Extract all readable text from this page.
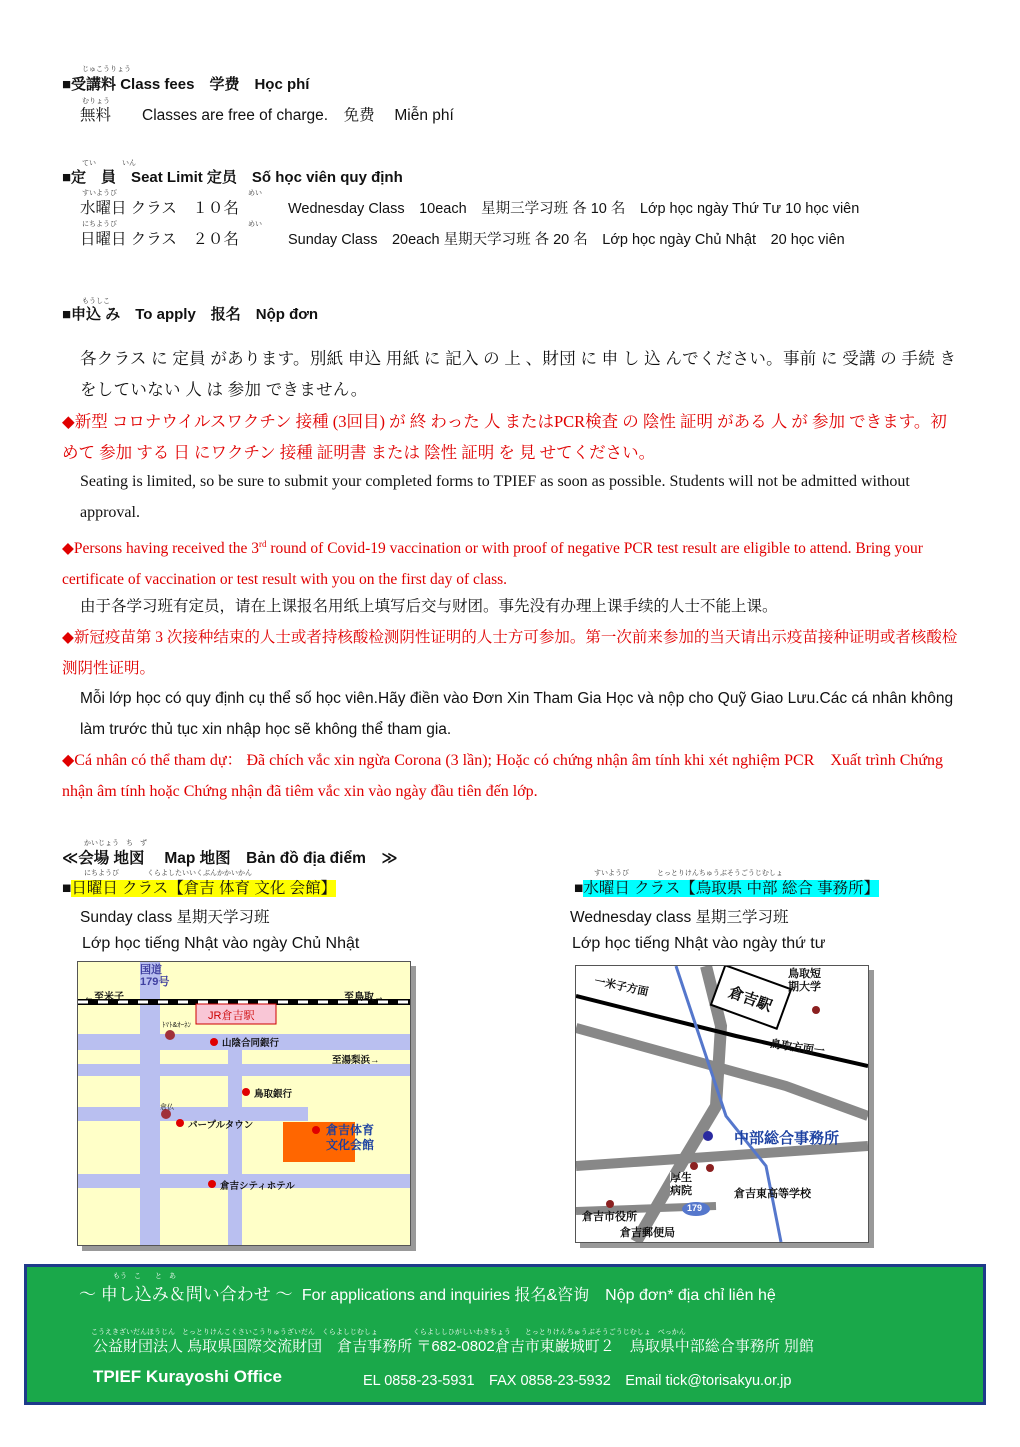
じゅこうりょう
■受講料 Class fees　学费　Học phí
むりょう
無料　　Classes are free of charge.　免费　 Miễn phí
てい	いん
■定　員　Seat Limit 定员　Số học viên quy định
すいようび	めい
水曜日 クラス　１０名	Wednesday Class　10each　星期三学习班 各 10 名　Lớp học ngày Thứ Tư 10 học viên
にちようび	めい
日曜日 クラス　２０名	Sunday Class　20each 星期天学习班 各 20 名　Lớp học ngày Chủ Nhật　20 học viên
もうしこ
■申込 み　To apply　报名　Nộp đơn
各クラス に 定員 があります。別紙 申込 用紙 に 記入 の 上 、財団 に 申 し 込 んでください。事前 に 受講 の 手続 きをしていない 人 は 参加 できません。
◆新型 コロナウイルスワクチン 接種 (3回目) が 終 わった 人 またはPCR検査 の 陰性 証明 がある 人 が 参加 できます。初 めて 参加 する 日 にワクチン 接種 証明書 または 陰性 証明 を 見 せてください。
Seating is limited, so be sure to submit your completed forms to TPIEF as soon as possible. Students will not be admitted without approval.
◆Persons having received the 3rd round of Covid-19 vaccination or with proof of negative PCR test result are eligible to attend. Bring your certificate of vaccination or test result with you on the first day of class.
由于各学习班有定员，请在上课报名用纸上填写后交与财团。事先没有办理上课手续的人士不能上课。
◆新冠疫苗第 3 次接种结束的人士或者持核酸检测阴性证明的人士方可参加。第一次前来参加的当天请出示疫苗接种证明或者核酸检测阴性证明。
Mỗi lớp học có quy định cụ thể số học viên.Hãy điền vào Đơn Xin Tham Gia Học và nộp cho Quỹ Giao Lưu.Các cá nhân không làm trước thủ tục xin nhập học sẽ không thể tham gia.
◆Cá nhân có thể tham dự： Đã chích vắc xin ngừa Corona (3 lần); Hoặc có chứng nhận âm tính khi xét nghiệm PCR　Xuất trình Chứng nhận âm tính hoặc Chứng nhận đã tiêm vắc xin vào ngày đầu tiên đến lớp.
かいじょう　ち　ず
≪会場 地図　 Map 地图　Bản đồ địa điểm　≫
にちようび　　　　くらよしたいいくぶんかかいかん
■日曜日 クラス【倉吉 体育 文化 会館】
Sunday class 星期天学习班
Lớp học tiếng Nhật vào ngày Chủ Nhật
すいようび　　　　とっとりけんちゅうぶそうごうじむしょ
■水曜日 クラス【鳥取県 中部 総合 事務所】
Wednesday class 星期三学习班
Lớp học tiếng Nhật vào ngày thứ tư
国道
179号
←至米子	至鳥取→
JR倉吉駅
ﾄﾏﾄ&ｵｰﾈﾝ
山陰合同銀行
至湯梨浜→
鳥取銀行
倉仏
パープルタウン	倉吉体育
文化会館
倉吉シティホテル
一米子方面	倉吉駅
鳥取短
期大学
鳥取方面一
中部総合事務所
厚生
病院	倉吉東高等学校
179
倉吉市役所
倉吉郵便局
もう　こ　　と　あ
～ 申し込み＆問い合わせ ～ For applications and inquiries 报名&咨询　Nộp đơn* địa chỉ liên hệ
こうえきざいだんほうじん　とっとりけんこくさいこうりゅうざいだん　くらよしじむしょ　　　　　くらよししひがしいわきちょう　　とっとりけんちゅうぶそうごうじむしょ　べっかん
公益財団法人 鳥取県国際交流財団　倉吉事務所 〒682-0802倉吉市東巌城町２　鳥取県中部総合事務所 別館
TPIEF Kurayoshi Office	EL 0858-23-5931　FAX 0858-23-5932　Email tick@torisakyu.or.jp
